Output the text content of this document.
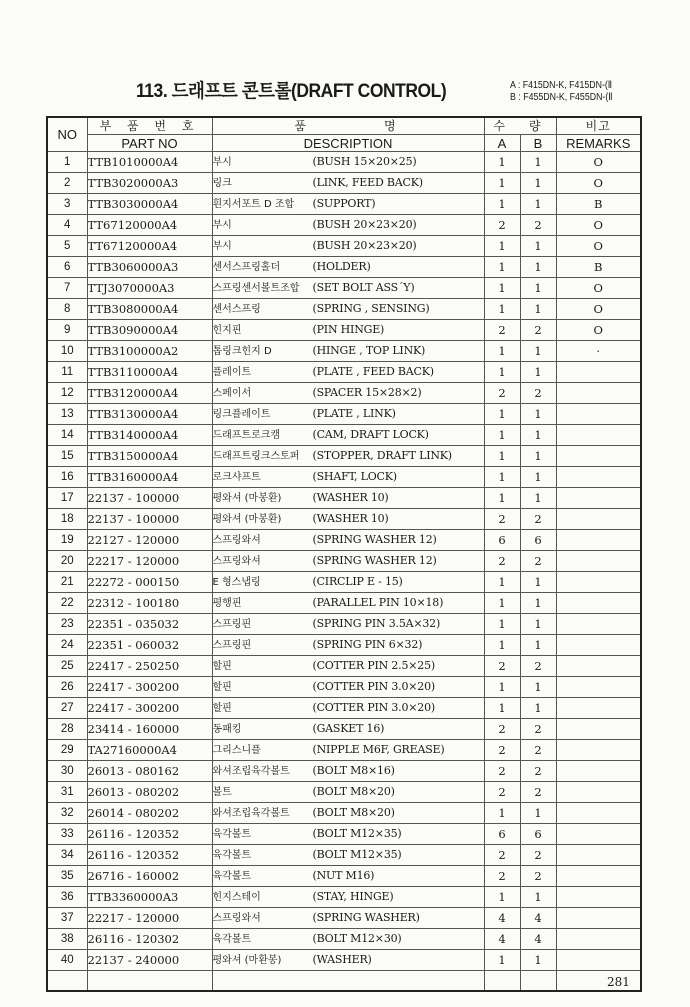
113. 드래프트 콘트롤(DRAFT CONTROL)	A : F415DN-K, F415DN-(Ⅱ
B : F455DN-K, F455DN-(Ⅱ
NO	부 품 번 호	품　　　　명	수　량		비고
	PART NO	DESCRIPTION	A	B	REMARKS
1	TTB1010000A4	부시 (BUSH 15×20×25)	1	1	O
2	TTB3020000A3	링크 (LINK, FEED BACK)	1	1	O
3	TTB3030000A4	흰지서포트 D 조합 (SUPPORT)	1	1	B
4	TT67120000A4	부시 (BUSH 20×23×20)	2	2	O
5	TT67120000A4	부시 (BUSH 20×23×20)	1	1	O
6	TTB3060000A3	센서스프링홀더 (HOLDER)	1	1	B
7	TTJ3070000A3	스프링센서볼트조합 (SET BOLT ASS´Y)	1	1	O
8	TTB3080000A4	센서스프링 (SPRING , SENSING)	1	1	O
9	TTB3090000A4	힌지핀 (PIN HINGE)	2	2	O
10	TTB3100000A2	톱링크힌지 D (HINGE , TOP LINK)	1	1	·
11	TTB3110000A4	플레이트 (PLATE , FEED BACK)	1	1	
12	TTB3120000A4	스페이서 (SPACER 15×28×2)	2	2	
13	TTB3130000A4	링크플레이트 (PLATE , LINK)	1	1	
14	TTB3140000A4	드래프트로크캠 (CAM, DRAFT LOCK)	1	1	
15	TTB3150000A4	드래프트링크스토퍼 (STOPPER, DRAFT LINK)	1	1	
16	TTB3160000A4	로크샤프트 (SHAFT, LOCK)	1	1	
17	22137 - 100000	평와셔 (마봉환) (WASHER 10)	1	1	
18	22137 - 100000	평와셔 (마봉환) (WASHER 10)	2	2	
19	22127 - 120000	스프링와셔 (SPRING WASHER 12)	6	6	
20	22217 - 120000	스프링와셔 (SPRING WASHER 12)	2	2	
21	22272 - 000150	E 형스냅링 (CIRCLIP E - 15)	1	1	
22	22312 - 100180	평행핀 (PARALLEL PIN 10×18)	1	1	
23	22351 - 035032	스프링핀 (SPRING PIN 3.5A×32)	1	1	
24	22351 - 060032	스프링핀 (SPRING PIN 6×32)	1	1	
25	22417 - 250250	할핀 (COTTER PIN 2.5×25)	2	2	
26	22417 - 300200	할핀 (COTTER PIN 3.0×20)	1	1	
27	22417 - 300200	할핀 (COTTER PIN 3.0×20)	1	1	
28	23414 - 160000	동패킹 (GASKET 16)	2	2	
29	TA27160000A4	그리스니플 (NIPPLE M6F, GREASE)	2	2	
30	26013 - 080162	와셔조립육각볼트 (BOLT M8×16)	2	2	
31	26013 - 080202	볼트 (BOLT M8×20)	2	2	
32	26014 - 080202	와셔조립육각볼트 (BOLT M8×20)	1	1	
33	26116 - 120352	육각볼트 (BOLT M12×35)	6	6	
34	26116 - 120352	육각볼트 (BOLT M12×35)	2	2	
35	26716 - 160002	육각볼트 (NUT M16)	2	2	
36	TTB3360000A3	힌지스테이 (STAY, HINGE)	1	1	
37	22217 - 120000	스프링와셔 (SPRING WASHER)	4	4	
38	26116 - 120302	육각볼트 (BOLT M12×30)	4	4	
40	22137 - 240000	평와셔 (마환봉) (WASHER)	1	1	

281
